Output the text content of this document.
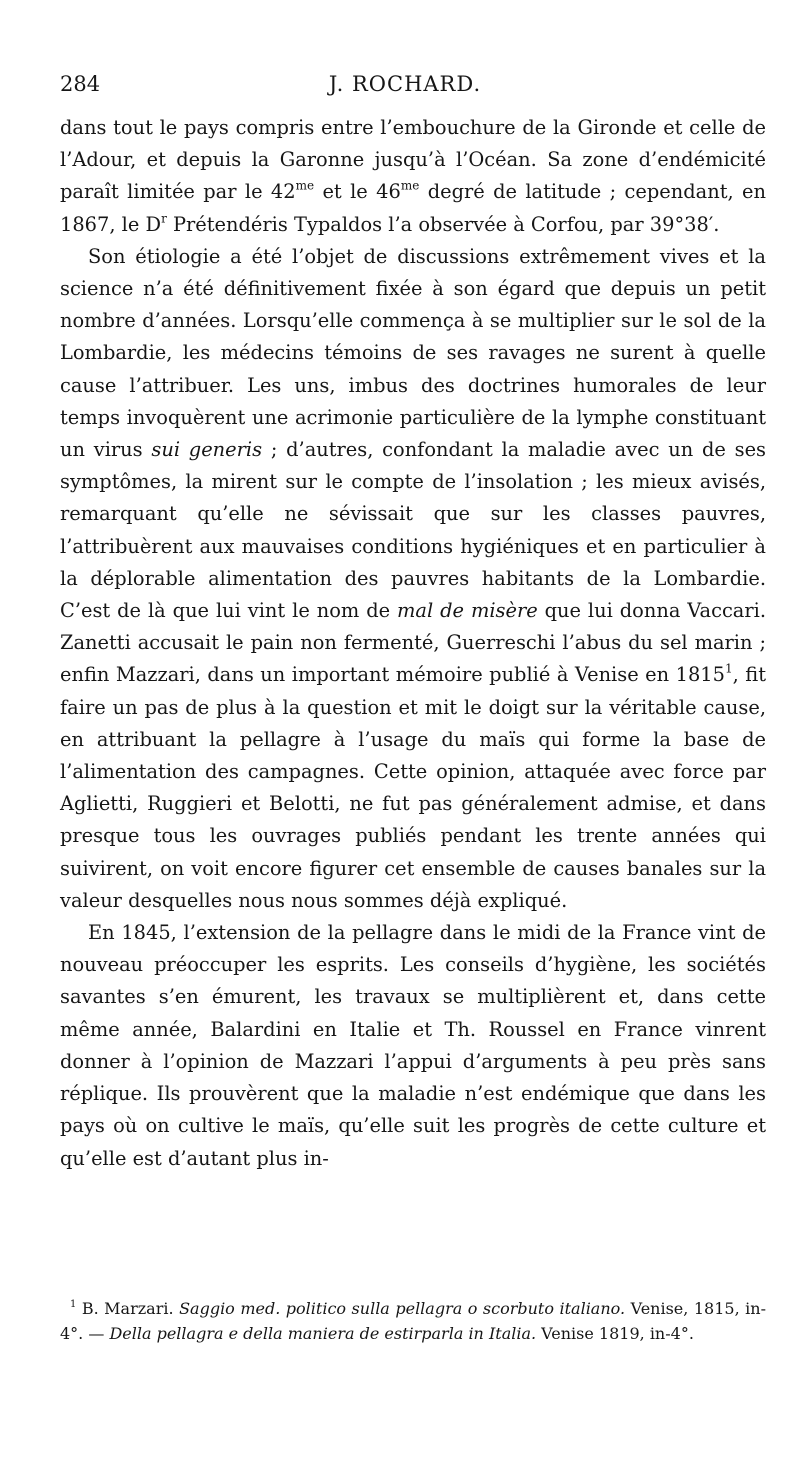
284	J. ROCHARD.

dans tout le pays compris entre l’embouchure de la Gironde et celle de l’Adour, et depuis la Garonne jusqu’à l’Océan. Sa zone d’endémicité paraît limitée par le $42^{me}$ et le $46^{me}$ degré de latitude ; cependant, en 1867, le $D^r$ Prétendéris Typaldos l’a observée à Corfou, par 39°38′.

Son étiologie a été l’objet de discussions extrêmement vives et la science n’a été définitivement fixée à son égard que depuis un petit nombre d’années. Lorsqu’elle commença à se multiplier sur le sol de la Lombardie, les médecins témoins de ses ravages ne surent à quelle cause l’attribuer. Les uns, imbus des doctrines humorales de leur temps invoquèrent une acrimonie particulière de la lymphe constituant un virus sui generis ; d’autres, confondant la maladie avec un de ses symptômes, la mirent sur le compte de l’insolation ; les mieux avisés, remarquant qu’elle ne sévissait que sur les classes pauvres, l’attribuèrent aux mauvaises conditions hygiéniques et en particulier à la déplorable alimentation des pauvres habitants de la Lombardie. C’est de là que lui vint le nom de mal de misère que lui donna Vaccari. Zanetti accusait le pain non fermenté, Guerreschi l’abus du sel marin ; enfin Mazzari, dans un important mémoire publié à Venise en 1815$^1$, fit faire un pas de plus à la question et mit le doigt sur la véritable cause, en attribuant la pellagre à l’usage du maïs qui forme la base de l’alimentation des campagnes. Cette opinion, attaquée avec force par Aglietti, Ruggieri et Belotti, ne fut pas généralement admise, et dans presque tous les ouvrages publiés pendant les trente années qui suivirent, on voit encore figurer cet ensemble de causes banales sur la valeur desquelles nous nous sommes déjà expliqué.

En 1845, l’extension de la pellagre dans le midi de la France vint de nouveau préoccuper les esprits. Les conseils d’hygiène, les sociétés savantes s’en émurent, les travaux se multiplièrent et, dans cette même année, Balardini en Italie et Th. Roussel en France vinrent donner à l’opinion de Mazzari l’appui d’arguments à peu près sans réplique. Ils prouvèrent que la maladie n’est endémique que dans les pays où on cultive le maïs, qu’elle suit les progrès de cette culture et qu’elle est d’autant plus in-

$^1$ B. Marzari. Saggio med. politico sulla pellagra o scorbuto italiano. Venise, 1815, in-4°. — Della pellagra e della maniera de estirparla in Italia. Venise 1819, in-4°.
